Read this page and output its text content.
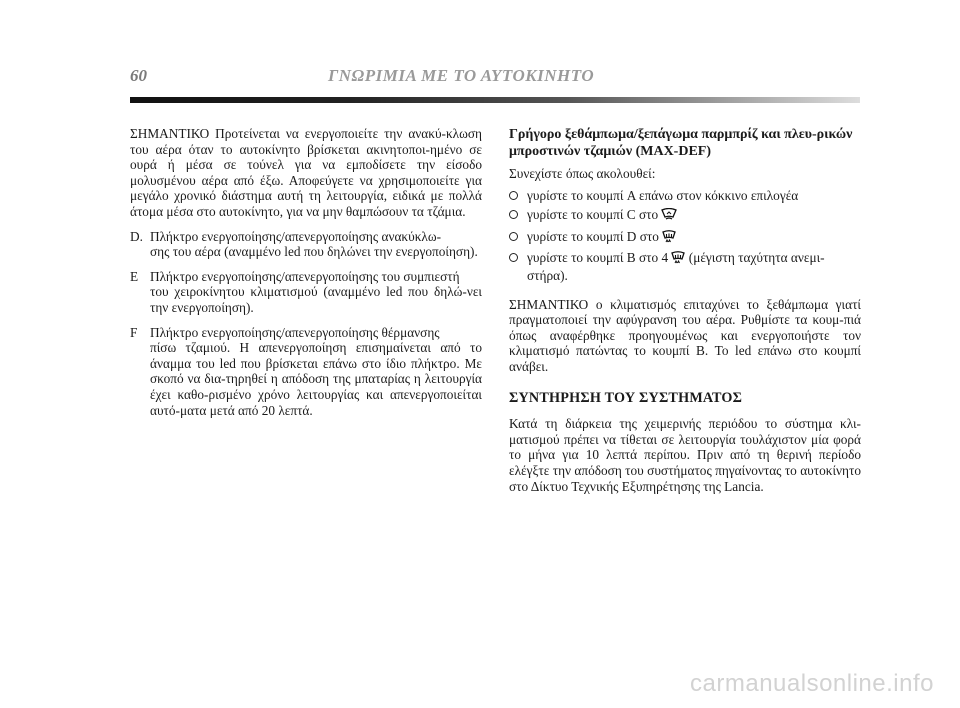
60	ΓΝΩΡΙΜΙΑ ΜΕ ΤΟ ΑΥΤΟΚΙΝΗΤΟ

ΣΗΜΑΝΤΙΚΟ Προτείνεται να ενεργοποιείτε την ανακύ-κλωση του αέρα όταν το αυτοκίνητο βρίσκεται ακινητοποι-ημένο σε ουρά ή μέσα σε τούνελ για να εμποδίσετε την είσοδο μολυσμένου αέρα από έξω. Αποφεύγετε να χρησιμοποιείτε για μεγάλο χρονικό διάστημα αυτή τη λειτουργία, ειδικά με πολλά άτομα μέσα στο αυτοκίνητο, για να μην θαμπώσουν τα τζάμια.

D. Πλήκτρο ενεργοποίησης/απενεργοποίησης ανακύκλω-
σης του αέρα (αναμμένο led που δηλώνει την ενεργοποίηση).
E Πλήκτρο ενεργοποίησης/απενεργοποίησης του συμπιεστή
του χειροκίνητου κλιματισμού (αναμμένο led που δηλώ-νει την ενεργοποίηση).
F Πλήκτρο ενεργοποίησης/απενεργοποίησης θέρμανσης
πίσω τζαμιού. Η απενεργοποίηση επισημαίνεται από το άναμμα του led που βρίσκεται επάνω στο ίδιο πλήκτρο. Με σκοπό να δια-τηρηθεί η απόδοση της μπαταρίας η λειτουργία έχει καθο-ρισμένο χρόνο λειτουργίας και απενεργοποιείται αυτό-ματα μετά από 20 λεπτά.

Γρήγορο ξεθάμπωμα/ξεπάγωμα παρμπρίζ και πλευ-ρικών μπροστινών τζαμιών (MAX-DEF)

Συνεχίστε όπως ακολουθεί:

γυρίστε το κουμπί A επάνω στον κόκκινο επιλογέα
γυρίστε το κουμπί C στο
γυρίστε το κουμπί D στο
γυρίστε το κουμπί B στο 4 (μέγιστη ταχύτητα ανεμι-στήρα).

ΣΗΜΑΝΤΙΚΟ ο κλιματισμός επιταχύνει το ξεθάμπωμα γιατί πραγματοποιεί την αφύγρανση του αέρα. Ρυθμίστε τα κουμ-πιά όπως αναφέρθηκε προηγουμένως και ενεργοποιήστε τον κλιματισμό πατώντας το κουμπί B. Το led επάνω στο κουμπί ανάβει.

ΣΥΝΤΗΡΗΣΗ ΤΟΥ ΣΥΣΤΗΜΑΤΟΣ

Κατά τη διάρκεια της χειμερινής περιόδου το σύστημα κλι-ματισμού πρέπει να τίθεται σε λειτουργία τουλάχιστον μία φορά το μήνα για 10 λεπτά περίπου. Πριν από τη θερινή περίοδο ελέγξτε την απόδοση του συστήματος πηγαίνοντας το αυτοκίνητο στο Δίκτυο Τεχνικής Εξυπηρέτησης της Lancia.

carmanualsonline.info
